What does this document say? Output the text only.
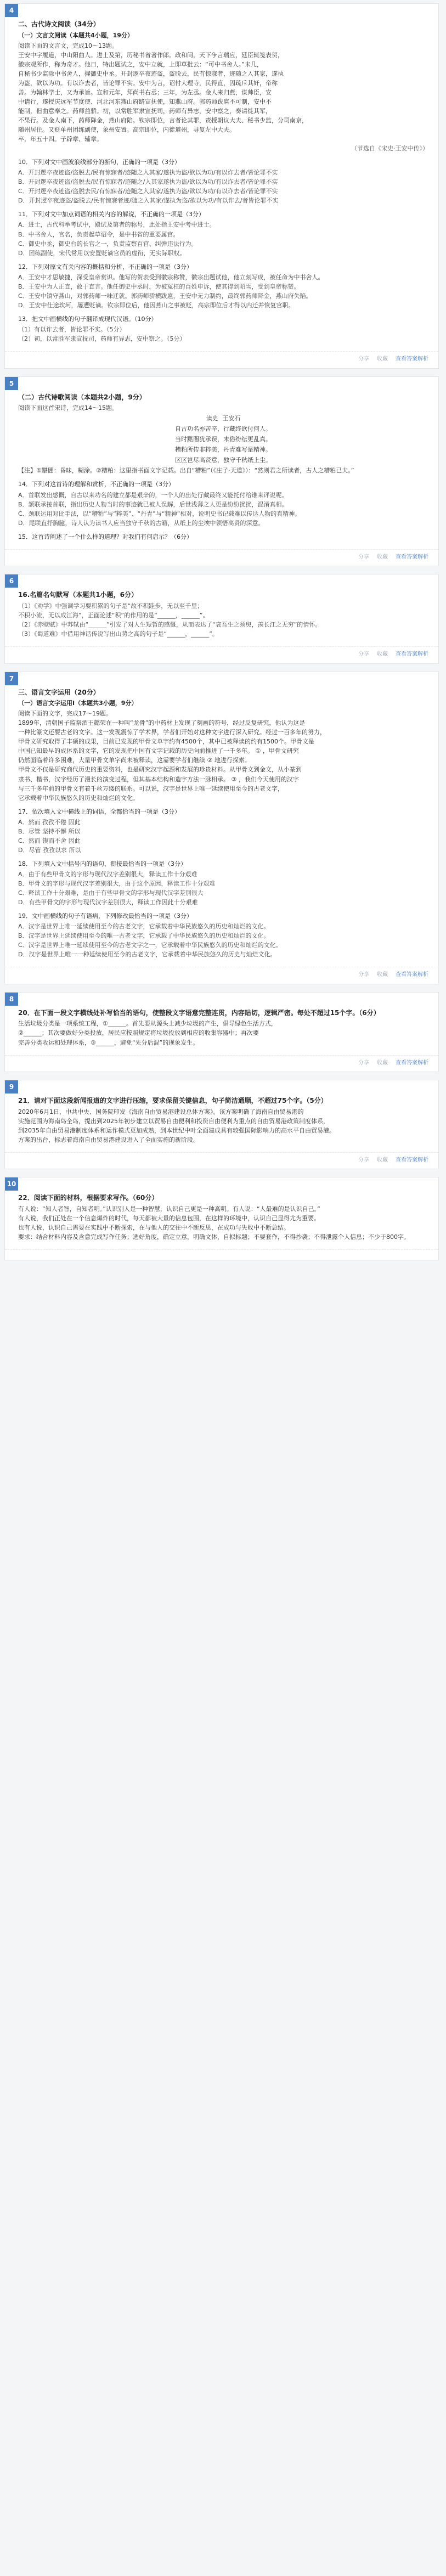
4
二、古代诗文阅读（34分）
（一）文言文阅读（本题共4小题，19分）
阅读下面的文言文，完成10～13题。
王安中字履道，中山阳曲人。进士及第，历秘书省著作郎。政和间，天下争言瑞应，廷臣辄笺表贺，
徽宗观所作，称为奇才。他日，特出题试之，安中立就，上即草批云：“可中书舍人。”未几，
自秘书少监除中书舍人，擢御史中丞。开封逻卒夜迹盗，盗脱去，民有惊寐者，迹随之入其家，遂执
为盗，欲以为功。有以诈去者，皆论罪不实。安中为言，诏付大理寺，民得直，因疏斥其奸，帝称
善。为翰林学士，又为承旨。宣和元年，拜尚书右丞；三年，为左丞。金人来归燕，谋帅臣，安
中请行，遂授庆远军节度使、河北河东燕山府路宣抚使，知燕山府。郭药师跋扈不可制，安中不
能制，但曲意奉之。药师益骄。初，以常胜军隶宣抚司，药师有异志，安中察之，奏请徙其军，
不果行。及金人南下，药师降金，燕山府陷。钦宗即位，言者论其罪，责授朝议大夫、秘书少监，分司南京，
随州居住。又贬单州团练副使，象州安置。高宗即位，内徙道州，寻复左中大夫。
卒，年五十四。子辟章、辅章。
（节选自《宋史·王安中传》）
10．下列对文中画波浪线部分的断句，正确的一项是（3分）
A．开封逻卒夜迹盗/盗脱去/民有惊寐者/迹随之入其家/遂执为盗/欲以为功/有以诈去者/皆论罪不实
B．开封逻卒夜迹盗/盗脱去/民有惊寐者/迹随之/入其家遂执为盗/欲以为功/有以诈去者/皆论罪不实
C．开封逻卒夜迹盗/盗脱去民/有惊寐者/迹随之入其家/遂执为盗/欲以为功/有以诈去者/皆论罪不实
D．开封逻卒夜迹盗/盗脱去/民有惊寐者迹/随之入其家/遂执为盗/欲以为功/有以诈去/者皆论罪不实
11．下列对文中加点词语的相关内容的解说，不正确的一项是（3分）
A．进士，古代科举考试中，殿试及第者的称号，此处指王安中考中进士。
B．中书舍人，官名，负责起草诏令，是中书省的重要属官。
C．御史中丞，御史台的长官之一，负责监察百官、纠弹违法行为。
D．团练副使，宋代常用以安置贬谪官员的虚衔，无实际职权。
12．下列对原文有关内容的概括和分析，不正确的一项是（3分）
A．王安中才思敏捷，深受皇帝赏识。他写的贺表受到徽宗称赞，徽宗出题试他，他立刻写成，被任命为中书舍人。
B．王安中为人正直，敢于直言。他任御史中丞时，为被冤枉的百姓申诉，使其得到昭雪，受到皇帝称赞。
C．王安中镇守燕山，对郭药师一味迁就。郭药师骄横跋扈，王安中无力制约，最终郭药师降金，燕山府失陷。
D．王安中仕途坎坷，屡遭贬谪。钦宗即位后，他因燕山之事被贬，高宗即位后才得以内迁并恢复官职。
13．把文中画横线的句子翻译成现代汉语。（10分）
（1）有以诈去者，皆论罪不实。（5分）
（2）初，以常胜军隶宣抚司，药师有异志，安中察之。（5分）
分享 收藏 查看答案解析
5
（二）古代诗歌阅读（本题共2小题，9分）
阅读下面这首宋诗，完成14～15题。
读史 王安石
自古功名亦苦辛，行藏终欲付何人。
当时黮闇犹承误，末俗纷纭更乱真。
糟粕所传非粹美，丹青难写是精神。
区区岂尽高贤意，独守千秋纸上尘。
【注】①黮闇：昏昧，糊涂。②糟粕：这里指书面文字记载。出自“糟粕”（《庄子·天道》）：“然则君之所读者，古人之糟粕已夫。”
14．下列对这首诗的理解和赏析，不正确的一项是（3分）
A．首联发出感慨，自古以来功名的建立都是艰辛的，一个人的出处行藏最终又能托付给谁来评说呢。
B．颔联承接首联，指出历史人物当时的事迹就已被人误解，后世浅薄之人更是纷纷扰扰，混淆真相。
C．颈联运用对比手法，以“糟粕”与“粹美”、“丹青”与“精神”相对，说明史书记载难以传达人物的真精神。
D．尾联直抒胸臆，诗人认为读书人应当独守千秋的古籍，从纸上的尘埃中领悟高贤的深意。
15．这首诗阐述了一个什么样的道理？对我们有何启示？（6分）
分享 收藏 查看答案解析
6
16.名篇名句默写（本题共1小题，6分）
（1）《劝学》中强调学习要积累的句子是“故不积跬步，无以至千里；
不积小流，无以成江海”，正面论述“积”的作用的是“______，______”。
（2）《赤壁赋》中苏轼由“______”引发了对人生短暂的感慨，从而表达了“哀吾生之须臾，羡长江之无穷”的情怀。
（3）《蜀道难》中借用神话传说写出山势之高的句子是“______，______”。
分享 收藏 查看答案解析
7
三、语言文字运用（20分）
（一）语言文字运用Ⅰ（本题共3小题，9分）
阅读下面的文字，完成17～19题。
1899年，清朝国子监祭酒王懿荣在一种叫“龙骨”的中药材上发现了刻画的符号，经过反复研究，他认为这是
一种比篆文还要古老的文字。这一发现震惊了学术界，学者们开始对这种文字进行深入研究。经过一百多年的努力，
甲骨文研究取得了丰硕的成果，目前已发现的甲骨文单字约有4500个，其中已被释读的约有1500个。甲骨文是
中国已知最早的成体系的文字，它的发现把中国有文字记载的历史向前推进了一千多年。 ① ，甲骨文研究
仍然面临着许多困难，大量甲骨文单字尚未被释读，这需要学者们继续 ② 地进行探索。
甲骨文不仅是研究商代历史的重要资料，也是研究汉字起源和发展的珍贵材料。从甲骨文到金文，从小篆到
隶书、楷书，汉字经历了漫长的演变过程，但其基本结构和造字方法一脉相承。 ③ ，我们今天使用的汉字
与三千多年前的甲骨文有着千丝万缕的联系。可以说，汉字是世界上唯一延续使用至今的古老文字，
它承载着中华民族悠久的历史和灿烂的文化。
17．依次填入文中横线上的词语，全都恰当的一项是（3分）
A．然而 孜孜不倦 因此
B．尽管 坚持不懈 所以
C．然而 锲而不舍 因此
D．尽管 孜孜以求 所以
18．下列填入文中括号内的语句，衔接最恰当的一项是（3分）
A．由于有些甲骨文的字形与现代汉字差别很大，释读工作十分艰难
B．甲骨文的字形与现代汉字差别很大，由于这个原因，释读工作十分艰难
C．释读工作十分艰难，是由于有些甲骨文的字形与现代汉字差别很大
D．有些甲骨文的字形与现代汉字差别很大，释读工作因此十分艰难
19．文中画横线的句子有语病，下列修改最恰当的一项是（3分）
A．汉字是世界上唯一延续使用至今的古老文字，它承载着中华民族悠久的历史和灿烂的文化。
B．汉字是世界上延续使用至今的唯一古老文字，它承载了中华民族悠久的历史和灿烂的文化。
C．汉字是世界上唯一延续使用至今的古老文字之一，它承载着中华民族悠久的历史和灿烂的文化。
D．汉字是世界上唯一一种延续使用至今的古老文字，它承载着中华民族悠久的历史与灿烂文化。
分享 收藏 查看答案解析
8
20．在下面一段文字横线处补写恰当的语句，使整段文字语意完整连贯，内容贴切，逻辑严密。每处不超过15个字。（6分）
生活垃圾分类是一项系统工程，①______。首先要从源头上减少垃圾的产生，倡导绿色生活方式，
②______；其次要做好分类投放，居民应按照规定将垃圾投放到相应的收集容器中；再次要
完善分类收运和处理体系，③______，避免“先分后混”的现象发生。
分享 收藏 查看答案解析
9
21．请对下面这段新闻报道的文字进行压缩，要求保留关键信息，句子简洁通顺，不超过75个字。（5分）
2020年6月1日，中共中央、国务院印发《海南自由贸易港建设总体方案》。该方案明确了海南自由贸易港的
实施范围为海南岛全岛，提出到2025年初步建立以贸易自由便利和投资自由便利为重点的自由贸易港政策制度体系，
到2035年自由贸易港制度体系和运作模式更加成熟，到本世纪中叶全面建成具有较强国际影响力的高水平自由贸易港。
方案的出台，标志着海南自由贸易港建设进入了全面实施的新阶段。
分享 收藏 查看答案解析
10
22．阅读下面的材料，根据要求写作。（60分）
有人说：“知人者智，自知者明。”认识别人是一种智慧，认识自己更是一种高明。有人说：“人最难的是认识自己。”
有人说，我们正处在一个信息爆炸的时代，每天都被大量的信息包围，在这样的环境中，认识自己显得尤为重要。
也有人说，认识自己需要在实践中不断探索，在与他人的交往中不断反思，在成功与失败中不断总结。
要求：结合材料内容及含意完成写作任务；选好角度，确定立意，明确文体，自拟标题；不要套作，不得抄袭；不得泄露个人信息；不少于800字。
